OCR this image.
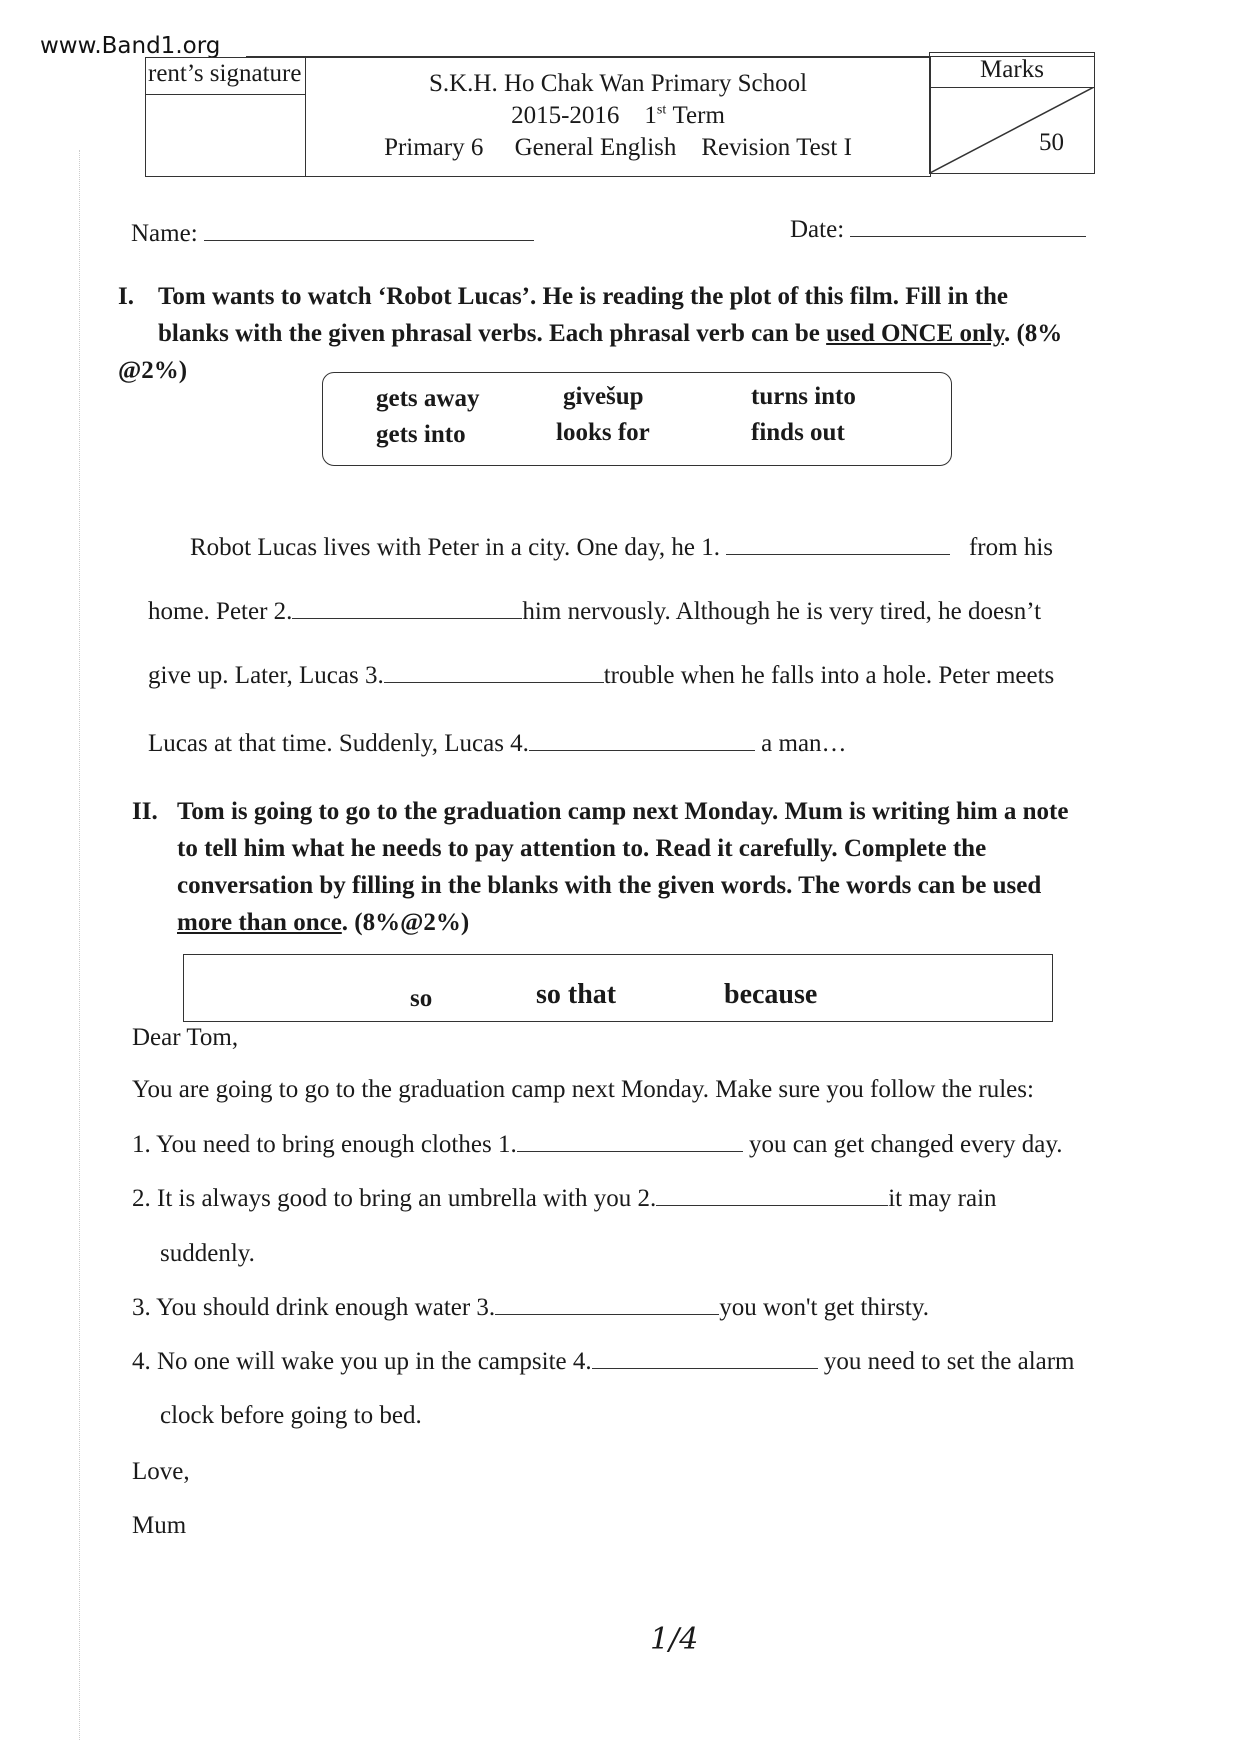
www.Band1.org
rent’s signature	S.K.H. Ho Chak Wan Primary School
2015-2016 1st Term
Primary 6 General English Revision Test I
Marks
50
Name:	Date:
I. Tom wants to watch ‘Robot Lucas’. He is reading the plot of this film. Fill in the
blanks with the given phrasal verbs. Each phrasal verb can be used ONCE only. (8%
@2%)
gets away	givešup	turns into
gets into	looks for	finds out
Robot Lucas lives with Peter in a city. One day, he 1.	from his
home. Peter 2.	him nervously. Although he is very tired, he doesn’t
give up. Later, Lucas 3.	trouble when he falls into a hole. Peter meets
Lucas at that time. Suddenly, Lucas 4.	a man…
II. Tom is going to go to the graduation camp next Monday. Mum is writing him a note
to tell him what he needs to pay attention to. Read it carefully. Complete the
conversation by filling in the blanks with the given words. The words can be used
more than once. (8%@2%)
so	so that	because
Dear Tom,
You are going to go to the graduation camp next Monday. Make sure you follow the rules:
1. You need to bring enough clothes 1.	you can get changed every day.
2. It is always good to bring an umbrella with you 2.	it may rain
suddenly.
3. You should drink enough water 3.	you won't get thirsty.
4. No one will wake you up in the campsite 4.	you need to set the alarm
clock before going to bed.
Love,
Mum
1/4
